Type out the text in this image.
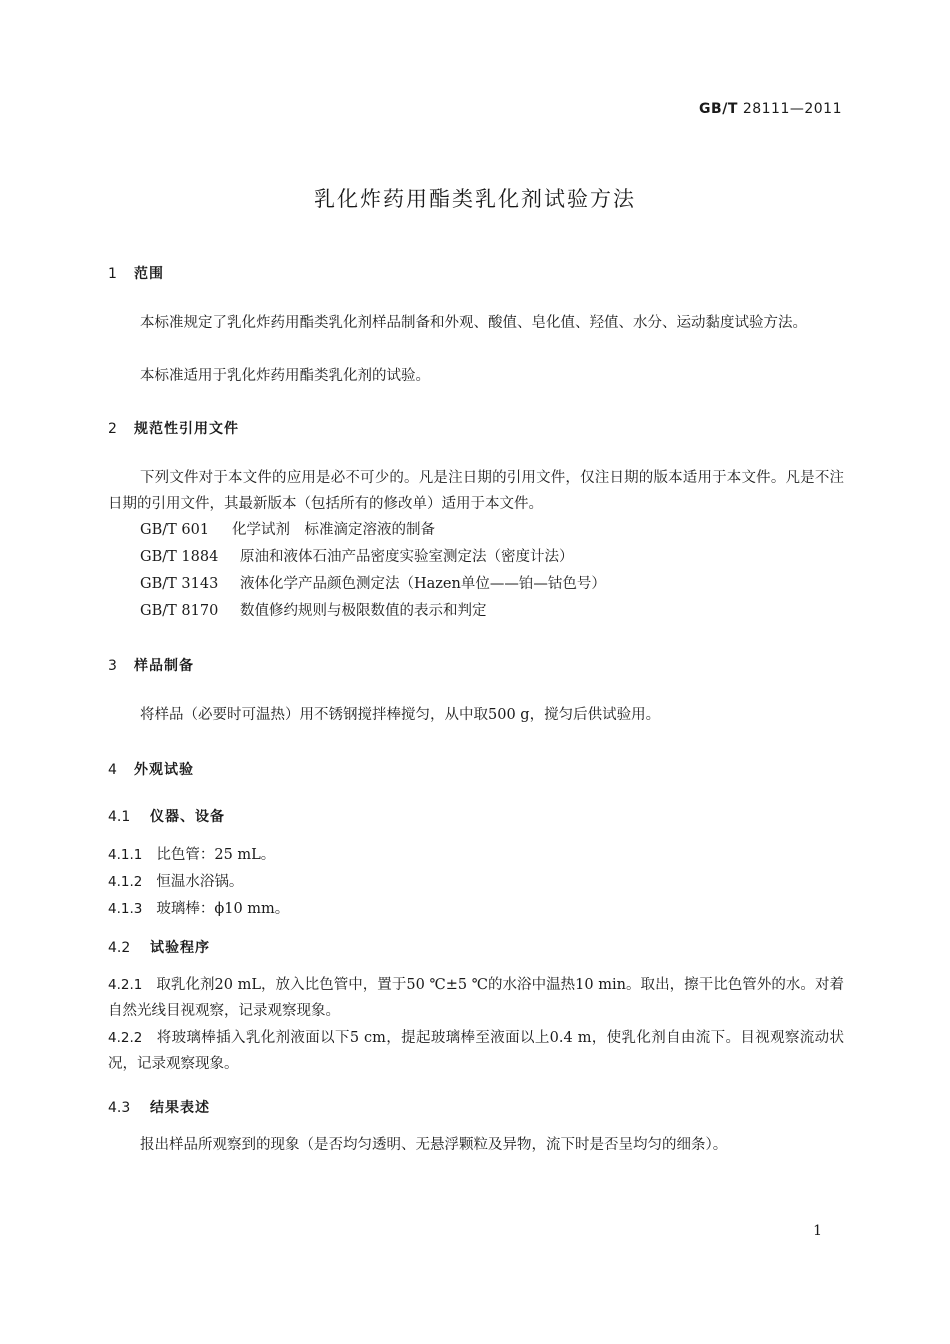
GB/T 28111—2011
乳化炸药用酯类乳化剂试验方法
1 范围
本标准规定了乳化炸药用酯类乳化剂样品制备和外观、酸值、皂化值、羟值、水分、运动黏度试验方法。
本标准适用于乳化炸药用酯类乳化剂的试验。
2 规范性引用文件
下列文件对于本文件的应用是必不可少的。凡是注日期的引用文件，仅注日期的版本适用于本文件。凡是不注日期的引用文件，其最新版本（包括所有的修改单）适用于本文件。
GB/T 601 化学试剂　标准滴定溶液的制备
GB/T 1884 原油和液体石油产品密度实验室测定法（密度计法）
GB/T 3143 液体化学产品颜色测定法（Hazen单位——铂—钴色号）
GB/T 8170 数值修约规则与极限数值的表示和判定
3 样品制备
将样品（必要时可温热）用不锈钢搅拌棒搅匀，从中取500 g，搅匀后供试验用。
4 外观试验
4.1 仪器、设备
4.1.1 比色管：25 mL。
4.1.2 恒温水浴锅。
4.1.3 玻璃棒：ϕ10 mm。
4.2 试验程序
4.2.1 取乳化剂20 mL，放入比色管中，置于50 ℃±5 ℃的水浴中温热10 min。取出，擦干比色管外的水。对着自然光线目视观察，记录观察现象。
4.2.2 将玻璃棒插入乳化剂液面以下5 cm，提起玻璃棒至液面以上0.4 m，使乳化剂自由流下。目视观察流动状况，记录观察现象。
4.3 结果表述
报出样品所观察到的现象（是否均匀透明、无悬浮颗粒及异物，流下时是否呈均匀的细条）。
1
